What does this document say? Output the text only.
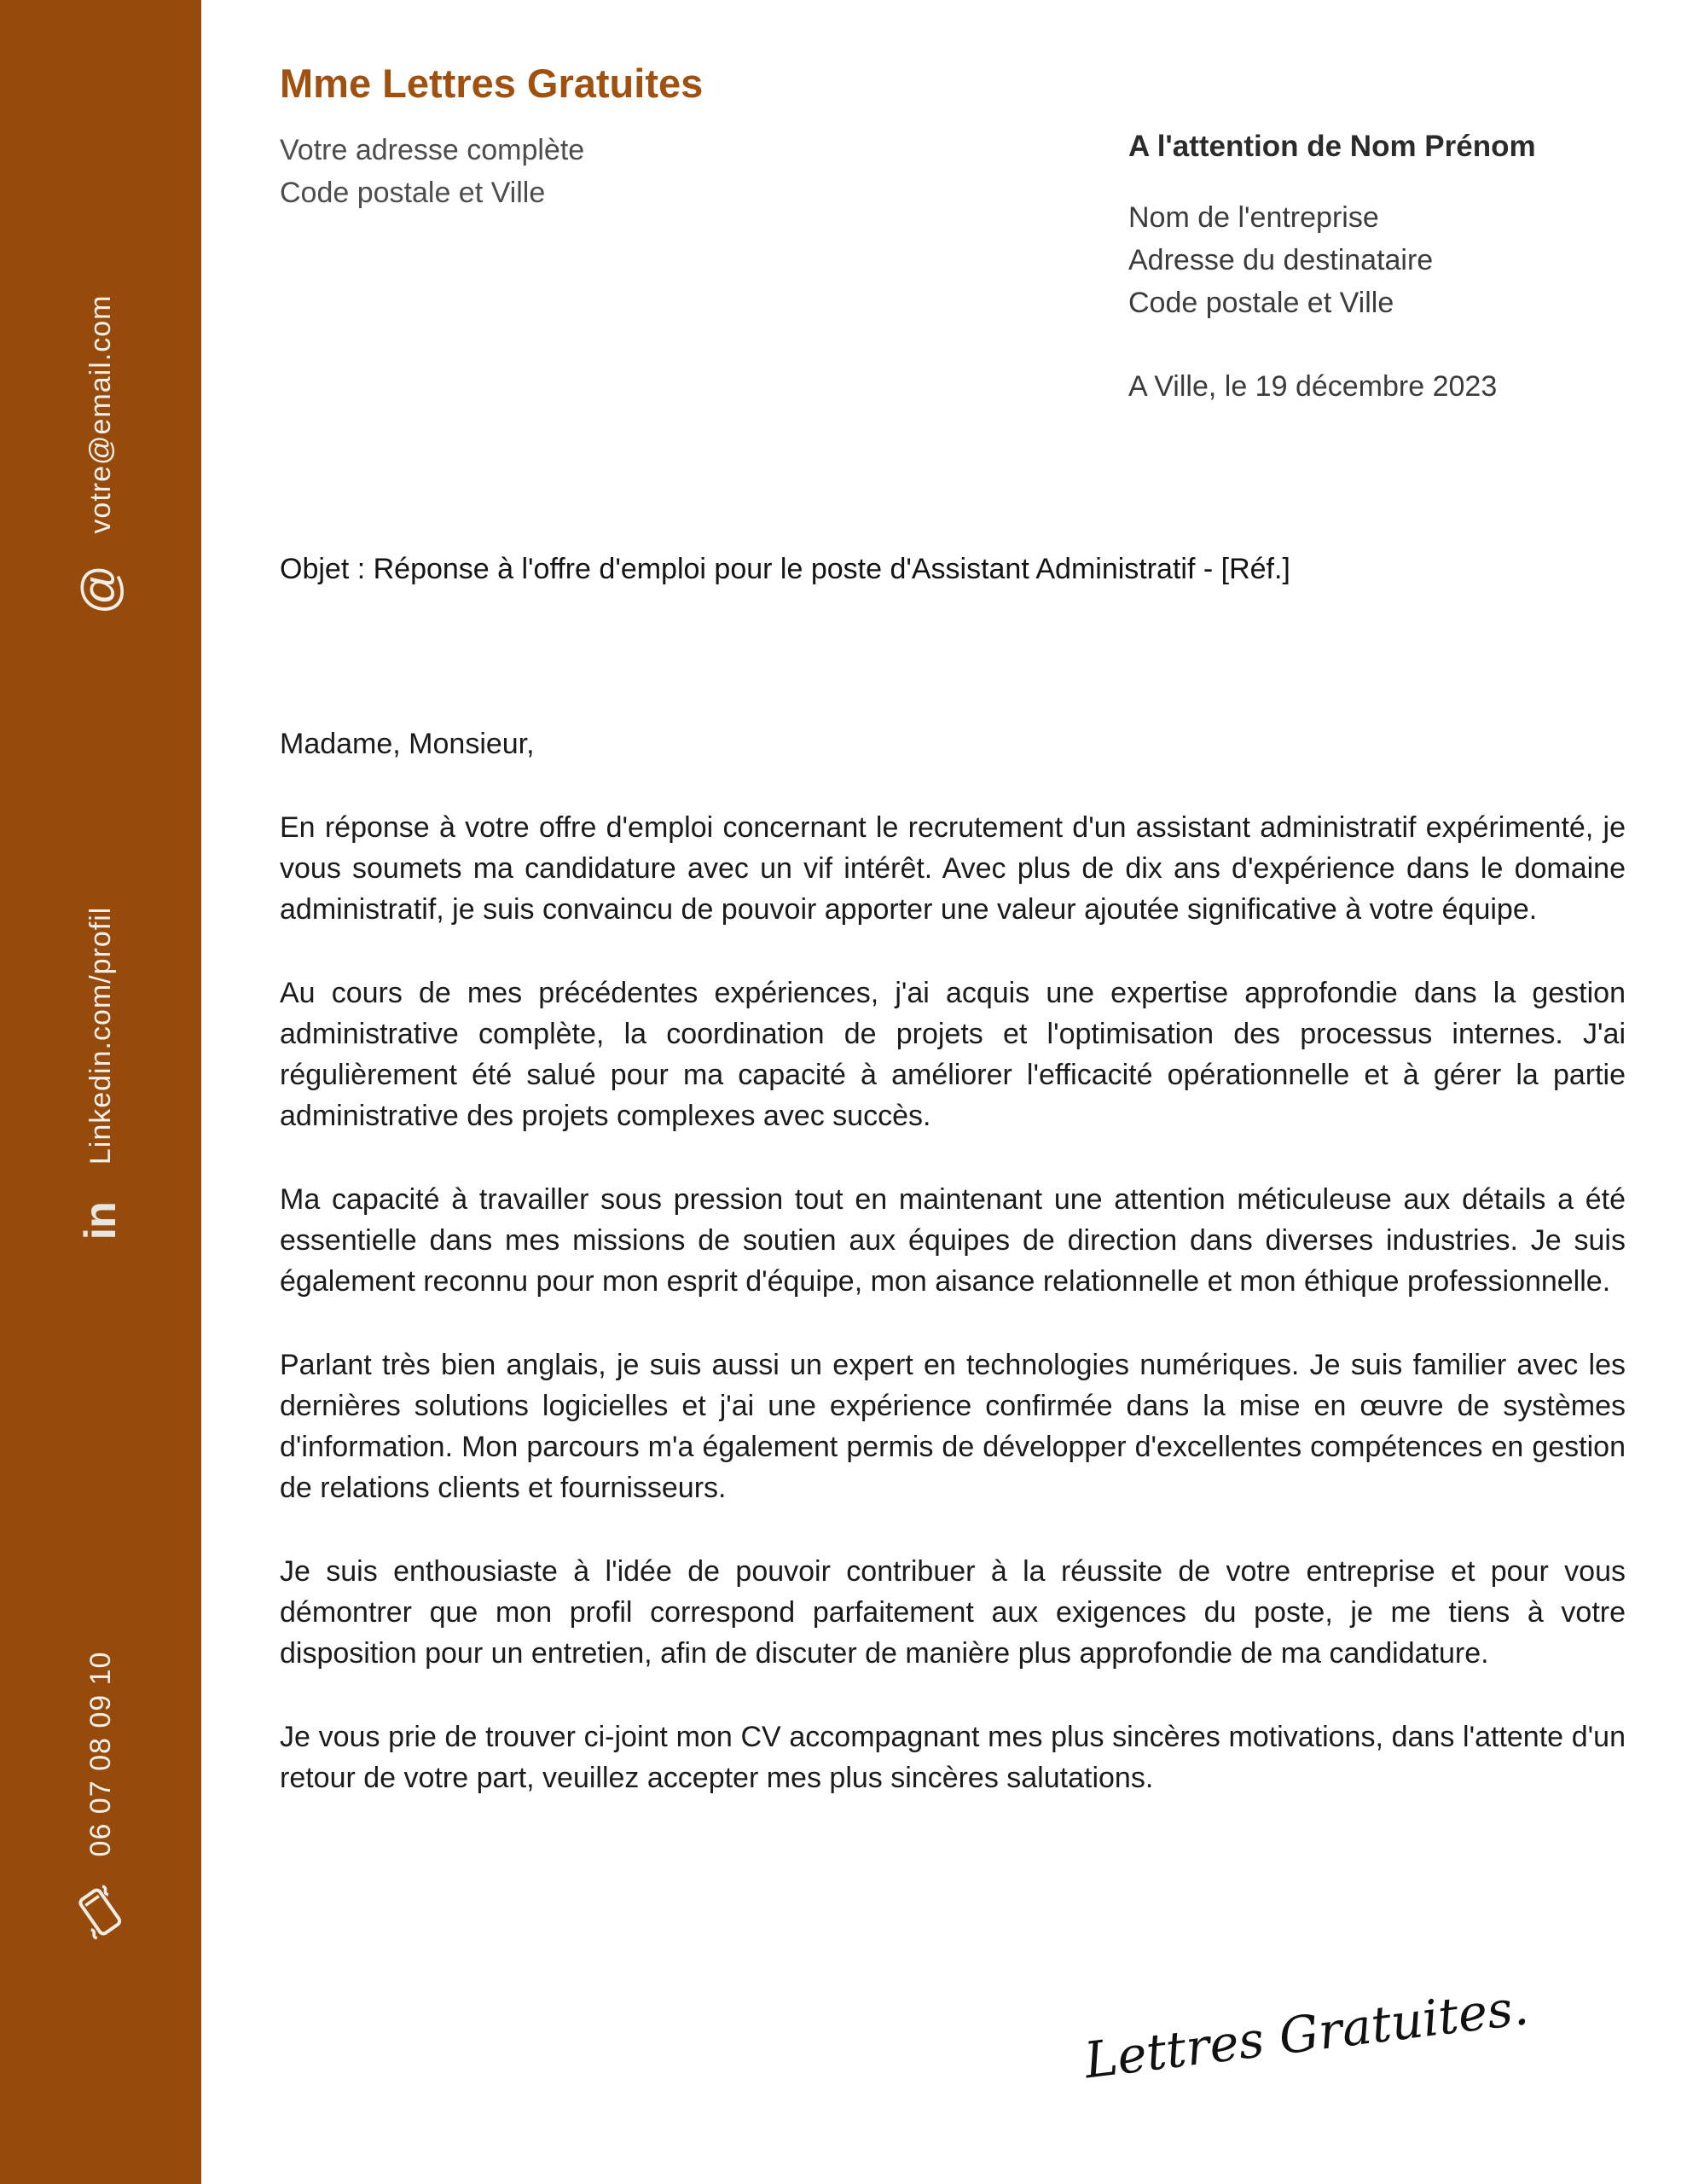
@
votre@email.com
in
Linkedin.com/profil
06 07 08 09 10
Mme Lettres Gratuites
Votre adresse complète
Code postale et Ville
A l'attention de Nom Prénom
Nom de l'entreprise
Adresse du destinataire
Code postale et Ville
A Ville, le 19 décembre 2023
Objet : Réponse à l'offre d'emploi pour le poste d'Assistant Administratif - [Réf.]

Madame, Monsieur,

En réponse à votre offre d'emploi concernant le recrutement d'un assistant administratif expérimenté, je vous soumets ma candidature avec un vif intérêt. Avec plus de dix ans d'expérience dans le domaine administratif, je suis convaincu de pouvoir apporter une valeur ajoutée significative à votre équipe.

Au cours de mes précédentes expériences, j'ai acquis une expertise approfondie dans la gestion administrative complète, la coordination de projets et l'optimisation des processus internes. J'ai régulièrement été salué pour ma capacité à améliorer l'efficacité opérationnelle et à gérer la partie administrative des projets complexes avec succès.

Ma capacité à travailler sous pression tout en maintenant une attention méticuleuse aux détails a été essentielle dans mes missions de soutien aux équipes de direction dans diverses industries. Je suis également reconnu pour mon esprit d'équipe, mon aisance relationnelle et mon éthique professionnelle.

Parlant très bien anglais, je suis aussi un expert en technologies numériques. Je suis familier avec les dernières solutions logicielles et j'ai une expérience confirmée dans la mise en œuvre de systèmes d'information. Mon parcours m'a également permis de développer d'excellentes compétences en gestion de relations clients et fournisseurs.

Je suis enthousiaste à l'idée de pouvoir contribuer à la réussite de votre entreprise et pour vous démontrer que mon profil correspond parfaitement aux exigences du poste, je me tiens à votre disposition pour un entretien, afin de discuter de manière plus approfondie de ma candidature.

Je vous prie de trouver ci-joint mon CV accompagnant mes plus sincères motivations, dans l'attente d'un retour de votre part, veuillez accepter mes plus sincères salutations.

Lettres Gratuites.
